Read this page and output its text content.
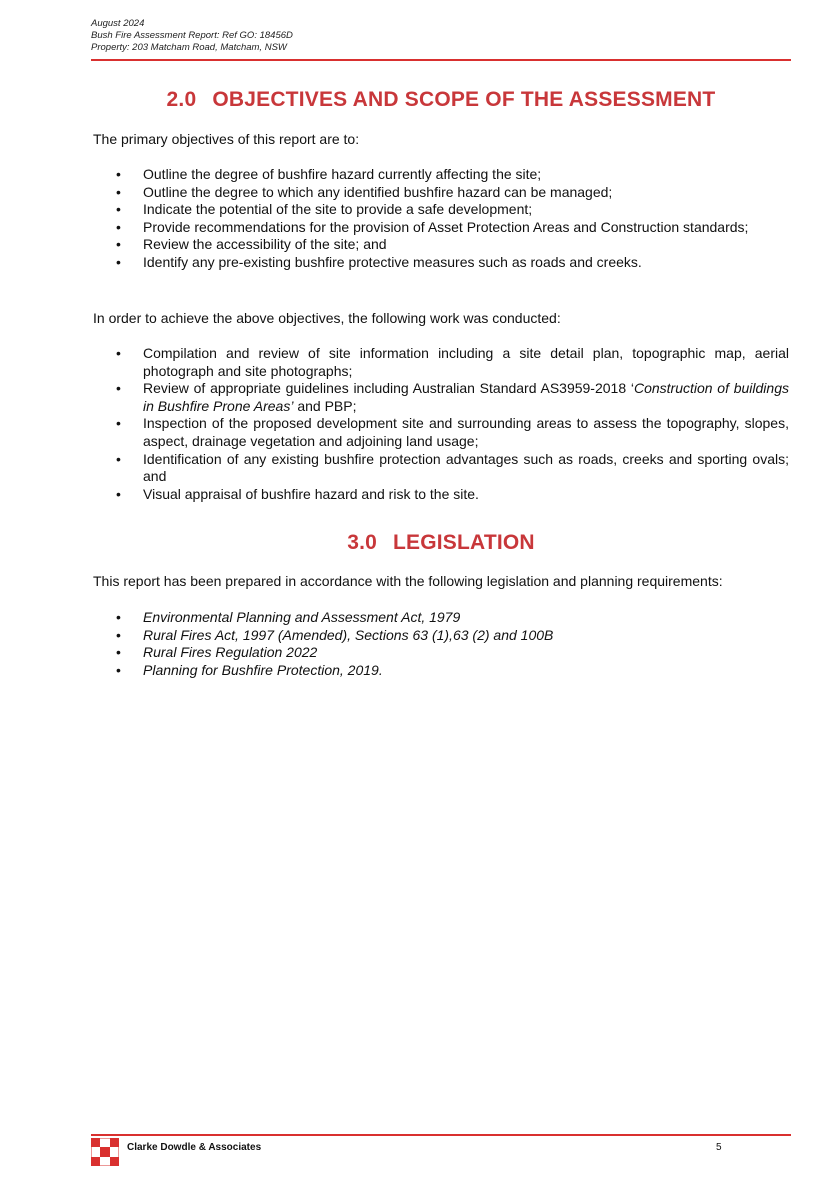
August 2024
Bush Fire Assessment Report: Ref GO: 18456D
Property: 203 Matcham Road, Matcham, NSW
2.0 OBJECTIVES AND SCOPE OF THE ASSESSMENT
The primary objectives of this report are to:
• Outline the degree of bushfire hazard currently affecting the site;
• Outline the degree to which any identified bushfire hazard can be managed;
• Indicate the potential of the site to provide a safe development;
• Provide recommendations for the provision of Asset Protection Areas and Construction standards;
• Review the accessibility of the site; and
• Identify any pre-existing bushfire protective measures such as roads and creeks.
In order to achieve the above objectives, the following work was conducted:
• Compilation and review of site information including a site detail plan, topographic map, aerial photograph and site photographs;
• Review of appropriate guidelines including Australian Standard AS3959-2018 ‘Construction of buildings in Bushfire Prone Areas’ and PBP;
• Inspection of the proposed development site and surrounding areas to assess the topography, slopes, aspect, drainage vegetation and adjoining land usage;
• Identification of any existing bushfire protection advantages such as roads, creeks and sporting ovals; and
• Visual appraisal of bushfire hazard and risk to the site.
3.0 LEGISLATION
This report has been prepared in accordance with the following legislation and planning requirements:
• Environmental Planning and Assessment Act, 1979
• Rural Fires Act, 1997 (Amended), Sections 63 (1),63 (2) and 100B
• Rural Fires Regulation 2022
• Planning for Bushfire Protection, 2019.
Clarke Dowdle & Associates	5
